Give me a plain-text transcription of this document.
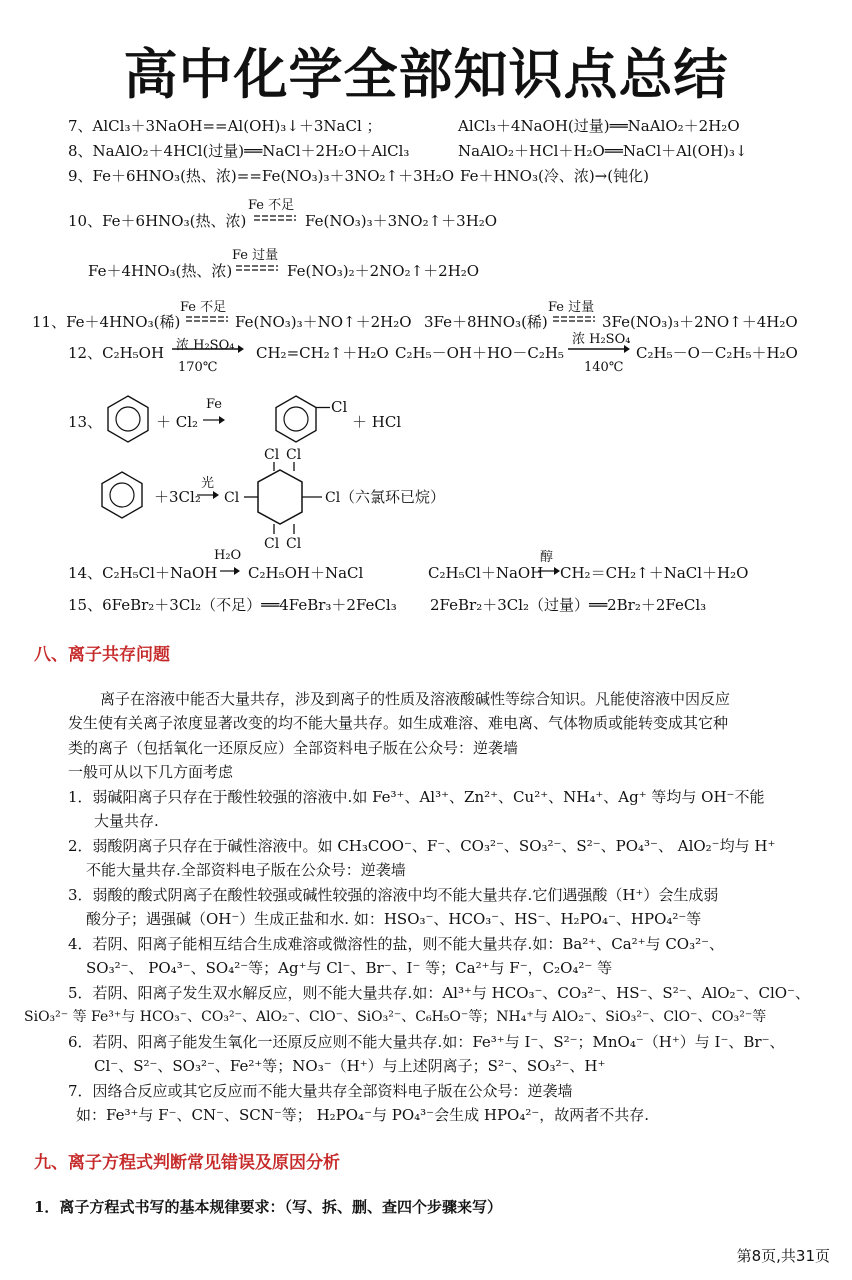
高中化学全部知识点总结
7、AlCl₃＋3NaOH==Al(OH)₃↓＋3NaCl ；	AlCl₃＋4NaOH(过量)══NaAlO₂＋2H₂O
8、NaAlO₂＋4HCl(过量)══NaCl＋2H₂O＋AlCl₃	NaAlO₂＋HCl＋H₂O══NaCl＋Al(OH)₃↓
9、Fe＋6HNO₃(热、浓)==Fe(NO₃)₃＋3NO₂↑＋3H₂O Fe＋HNO₃(冷、浓)→(钝化)
10、Fe＋6HNO₃(热、浓)
Fe 不足
Fe(NO₃)₃＋3NO₂↑＋3H₂O
Fe＋4HNO₃(热、浓)
Fe 过量
Fe(NO₃)₂＋2NO₂↑＋2H₂O
11、Fe＋4HNO₃(稀)
Fe 不足
Fe(NO₃)₃＋NO↑＋2H₂O 3Fe＋8HNO₃(稀)
Fe 过量
3Fe(NO₃)₃＋2NO↑＋4H₂O
12、C₂H₅OH 浓 H₂SO₄
170℃
CH₂=CH₂↑＋H₂O C₂H₅－OH＋HO－C₂H₅
浓 H₂SO₄
140℃
C₂H₅－O－C₂H₅＋H₂O
13、	＋ Cl₂
Fe	Cl
＋ HCl
＋3Cl₂
光
Cl Cl
Cl	Cl
Cl Cl
（六氯环已烷）
14、C₂H₅Cl＋NaOH
H₂O
C₂H₅OH＋NaCl	C₂H₅Cl＋NaOH
醇
CH₂＝CH₂↑＋NaCl＋H₂O
15、6FeBr₂＋3Cl₂（不足）══4FeBr₃＋2FeCl₃ 2FeBr₂＋3Cl₂（过量）══2Br₂＋2FeCl₃
八、离子共存问题
离子在溶液中能否大量共存，涉及到离子的性质及溶液酸碱性等综合知识。凡能使溶液中因反应
发生使有关离子浓度显著改变的均不能大量共存。如生成难溶、难电离、气体物质或能转变成其它种
类的离子（包括氧化一还原反应）全部资料电子版在公众号：逆袭墙
一般可从以下几方面考虑
1．弱碱阳离子只存在于酸性较强的溶液中.如 Fe³⁺、Al³⁺、Zn²⁺、Cu²⁺、NH₄⁺、Ag⁺ 等均与 OH⁻不能
大量共存.
2．弱酸阴离子只存在于碱性溶液中。如 CH₃COO⁻、F⁻、CO₃²⁻、SO₃²⁻、S²⁻、PO₄³⁻、 AlO₂⁻均与 H⁺
不能大量共存.全部资料电子版在公众号：逆袭墙
3．弱酸的酸式阴离子在酸性较强或碱性较强的溶液中均不能大量共存.它们遇强酸（H⁺）会生成弱
酸分子；遇强碱（OH⁻）生成正盐和水. 如：HSO₃⁻、HCO₃⁻、HS⁻、H₂PO₄⁻、HPO₄²⁻等
4．若阴、阳离子能相互结合生成难溶或微溶性的盐，则不能大量共存.如：Ba²⁺、Ca²⁺与 CO₃²⁻、
SO₃²⁻、 PO₄³⁻、SO₄²⁻等；Ag⁺与 Cl⁻、Br⁻、I⁻ 等；Ca²⁺与 F⁻，C₂O₄²⁻ 等
5．若阴、阳离子发生双水解反应，则不能大量共存.如：Al³⁺与 HCO₃⁻、CO₃²⁻、HS⁻、S²⁻、AlO₂⁻、ClO⁻、
SiO₃²⁻ 等 Fe³⁺与 HCO₃⁻、CO₃²⁻、AlO₂⁻、ClO⁻、SiO₃²⁻、C₆H₅O⁻等；NH₄⁺与 AlO₂⁻、SiO₃²⁻、ClO⁻、CO₃²⁻等
6．若阴、阳离子能发生氧化一还原反应则不能大量共存.如：Fe³⁺与 I⁻、S²⁻；MnO₄⁻（H⁺）与 I⁻、Br⁻、
Cl⁻、S²⁻、SO₃²⁻、Fe²⁺等；NO₃⁻（H⁺）与上述阴离子；S²⁻、SO₃²⁻、H⁺
7．因络合反应或其它反应而不能大量共存全部资料电子版在公众号：逆袭墙
如：Fe³⁺与 F⁻、CN⁻、SCN⁻等； H₂PO₄⁻与 PO₄³⁻会生成 HPO₄²⁻，故两者不共存.
九、离子方程式判断常见错误及原因分析
1．离子方程式书写的基本规律要求：（写、拆、删、查四个步骤来写）
第8页,共31页
